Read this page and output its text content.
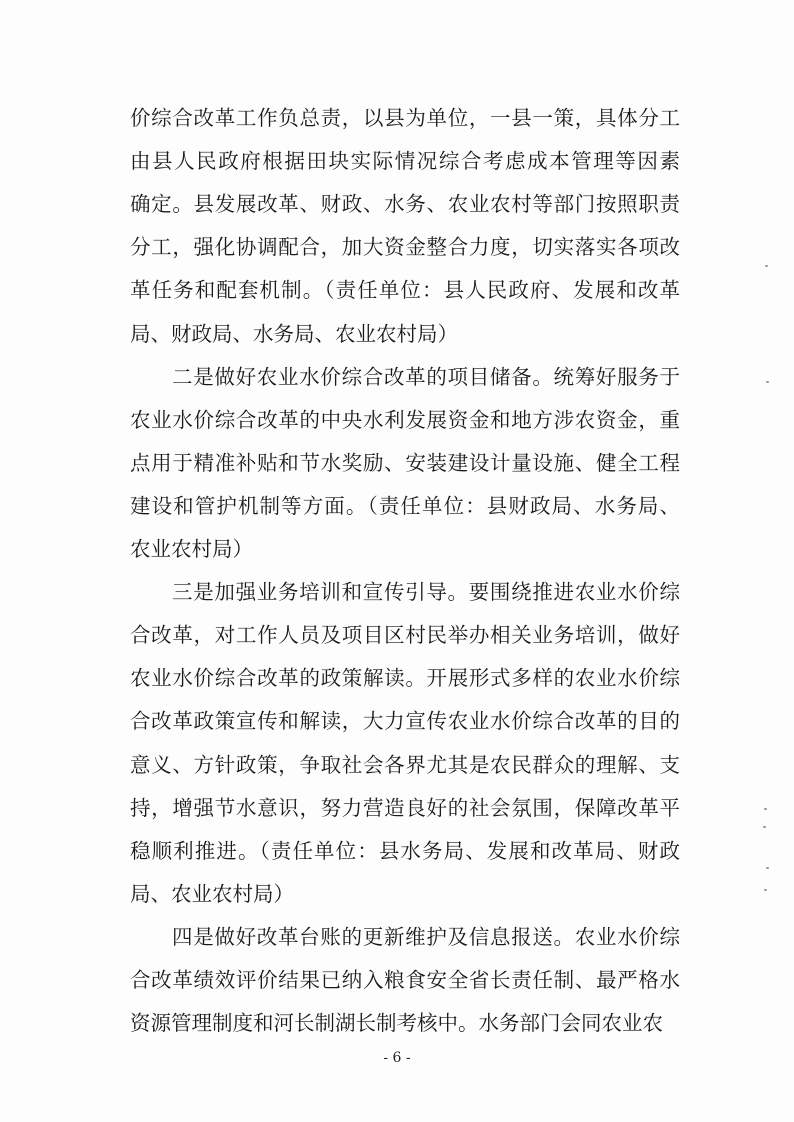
价综合改革工作负总责，以县为单位，一县一策，具体分工
由县人民政府根据田块实际情况综合考虑成本管理等因素
确定。县发展改革、财政、水务、农业农村等部门按照职责
分工，强化协调配合，加大资金整合力度，切实落实各项改
革任务和配套机制。（责任单位：县人民政府、发展和改革
局、财政局、水务局、农业农村局）
二是做好农业水价综合改革的项目储备。统筹好服务于
农业水价综合改革的中央水利发展资金和地方涉农资金，重
点用于精准补贴和节水奖励、安装建设计量设施、健全工程
建设和管护机制等方面。（责任单位：县财政局、水务局、
农业农村局）
三是加强业务培训和宣传引导。要围绕推进农业水价综
合改革，对工作人员及项目区村民举办相关业务培训，做好
农业水价综合改革的政策解读。开展形式多样的农业水价综
合改革政策宣传和解读，大力宣传农业水价综合改革的目的
意义、方针政策，争取社会各界尤其是农民群众的理解、支
持，增强节水意识，努力营造良好的社会氛围，保障改革平
稳顺利推进。（责任单位：县水务局、发展和改革局、财政
局、农业农村局）
四是做好改革台账的更新维护及信息报送。农业水价综
合改革绩效评价结果已纳入粮食安全省长责任制、最严格水
资源管理制度和河长制湖长制考核中。水务部门会同农业农
- 6 -
